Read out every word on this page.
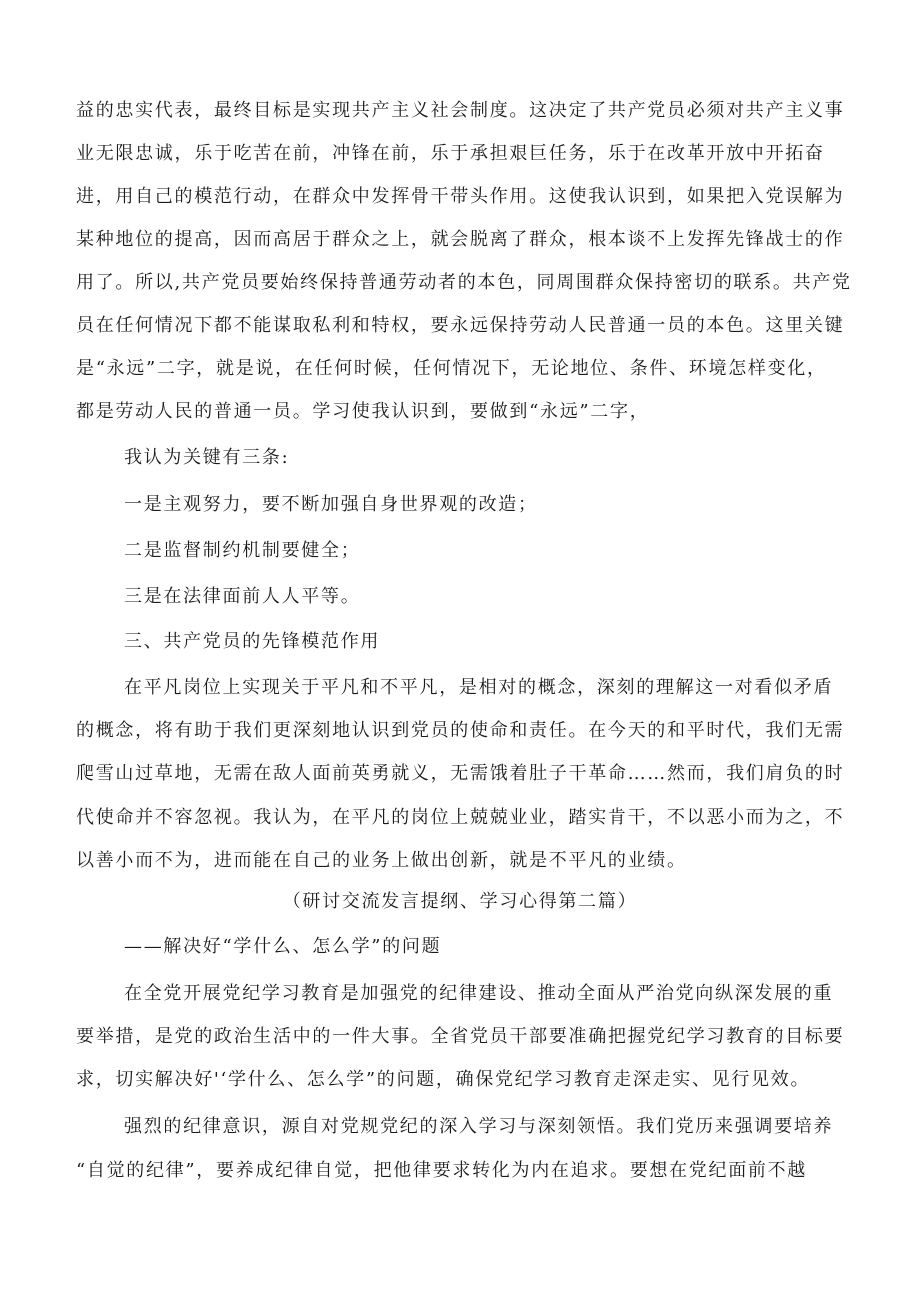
益的忠实代表，最终目标是实现共产主义社会制度。这决定了共产党员必须对共产主义事
业无限忠诚，乐于吃苦在前，冲锋在前，乐于承担艰巨任务，乐于在改革开放中开拓奋
进，用自己的模范行动，在群众中发挥骨干带头作用。这使我认识到，如果把入党误解为
某种地位的提高，因而高居于群众之上，就会脱离了群众，根本谈不上发挥先锋战士的作
用了。所以,共产党员要始终保持普通劳动者的本色，同周围群众保持密切的联系。共产党
员在任何情况下都不能谋取私利和特权，要永远保持劳动人民普通一员的本色。这里关键
是“永远”二字，就是说，在任何时候，任何情况下，无论地位、条件、环境怎样变化，
都是劳动人民的普通一员。学习使我认识到，要做到“永远”二字，
我认为关键有三条:
一是主观努力，要不断加强自身世界观的改造；
二是监督制约机制要健全；
三是在法律面前人人平等。
三、共产党员的先锋模范作用
在平凡岗位上实现关于平凡和不平凡，是相对的概念，深刻的理解这一对看似矛盾
的概念，将有助于我们更深刻地认识到党员的使命和责任。在今天的和平时代，我们无需
爬雪山过草地，无需在敌人面前英勇就义，无需饿着肚子干革命……然而，我们肩负的时
代使命并不容忽视。我认为，在平凡的岗位上兢兢业业，踏实肯干，不以恶小而为之，不
以善小而不为，进而能在自己的业务上做出创新，就是不平凡的业绩。
（研讨交流发言提纲、学习心得第二篇）
——解决好“学什么、怎么学”的问题
在全党开展党纪学习教育是加强党的纪律建设、推动全面从严治党向纵深发展的重
要举措，是党的政治生活中的一件大事。全省党员干部要准确把握党纪学习教育的目标要
求，切实解决好'‘学什么、怎么学”的问题，确保党纪学习教育走深走实、见行见效。
强烈的纪律意识，源自对党规党纪的深入学习与深刻领悟。我们党历来强调要培养
“自觉的纪律”，要养成纪律自觉，把他律要求转化为内在追求。要想在党纪面前不越
